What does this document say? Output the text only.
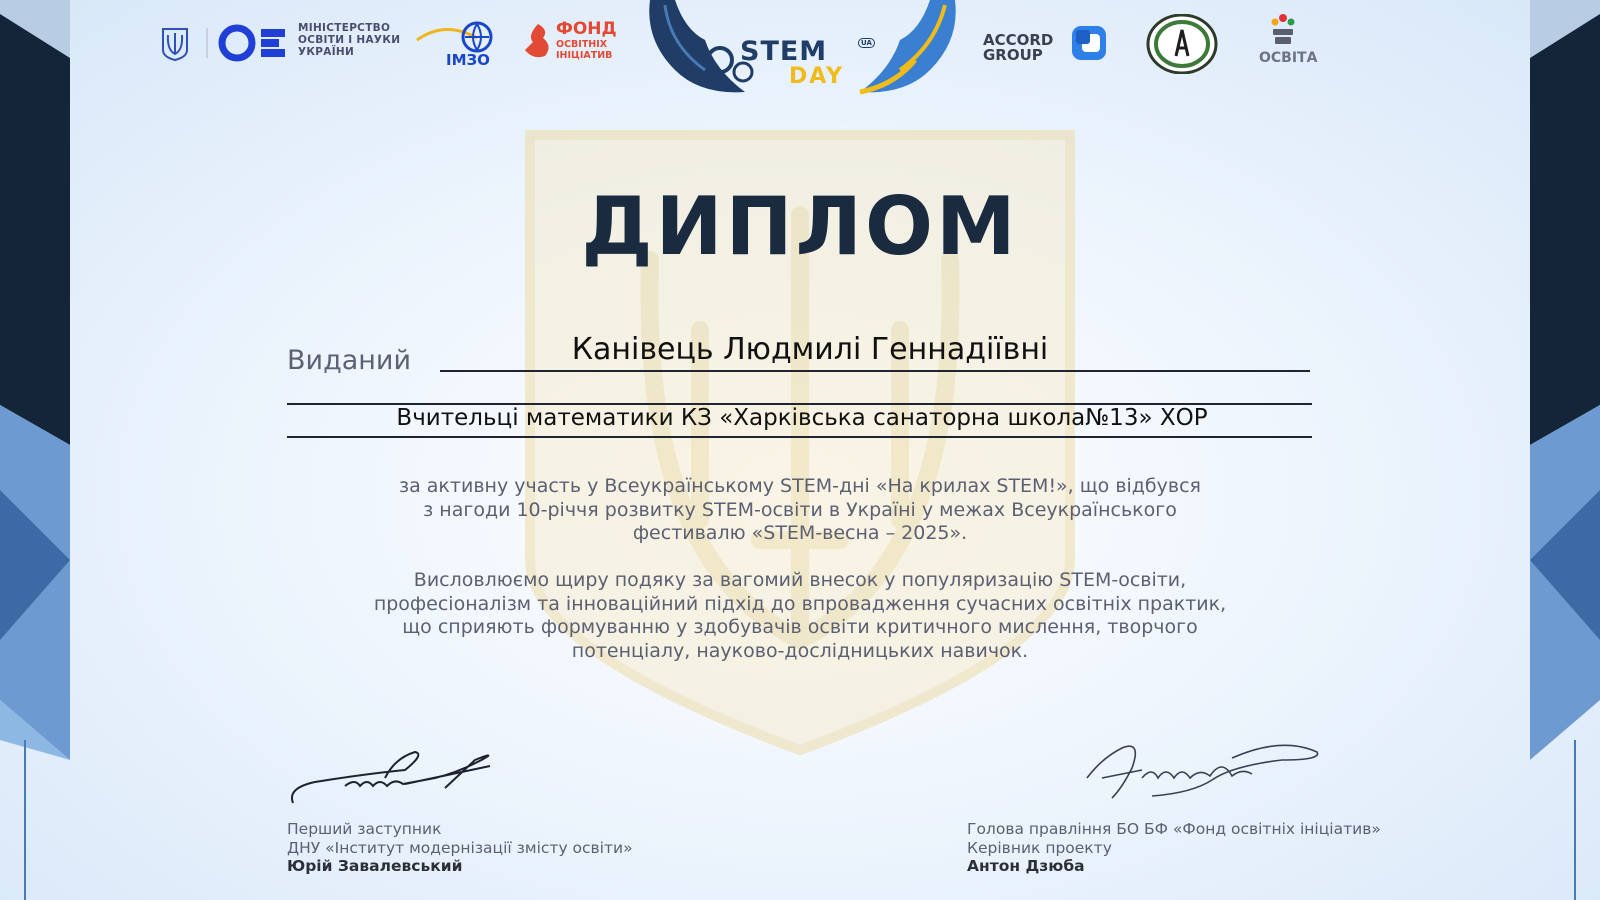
МІНІСТЕРСТВО
ОСВІТИ І НАУКИ
УКРАЇНИ	ІМЗО
ФОНД
ОСВІТНІХ
ІНІЦІАТИВ	STEM
DAY
UA	ACCORD
GROUP	ОСВІТА
ДИПЛОМ
Виданий	Канівець Людмилі Геннадіївні
Вчительці математики КЗ «Харківська санаторна школа№13» ХОР
за активну участь у Всеукраїнському STEM-дні «На крилах STEM!», що відбувся
з нагоди 10-річчя розвитку STEM-освіти в Україні у межах Всеукраїнського
фестивалю «STEM-весна – 2025».
Висловлюємо щиру подяку за вагомий внесок у популяризацію STEM-освіти,
професіоналізм та інноваційний підхід до впровадження сучасних освітніх практик,
що сприяють формуванню у здобувачів освіти критичного мислення, творчого
потенціалу, науково-дослідницьких навичок.
Перший заступник
ДНУ «Інститут модернізації змісту освіти»
Юрій Завалевський
Голова правління БО БФ «Фонд освітніх ініціатив»
Керівник проекту
Антон Дзюба
